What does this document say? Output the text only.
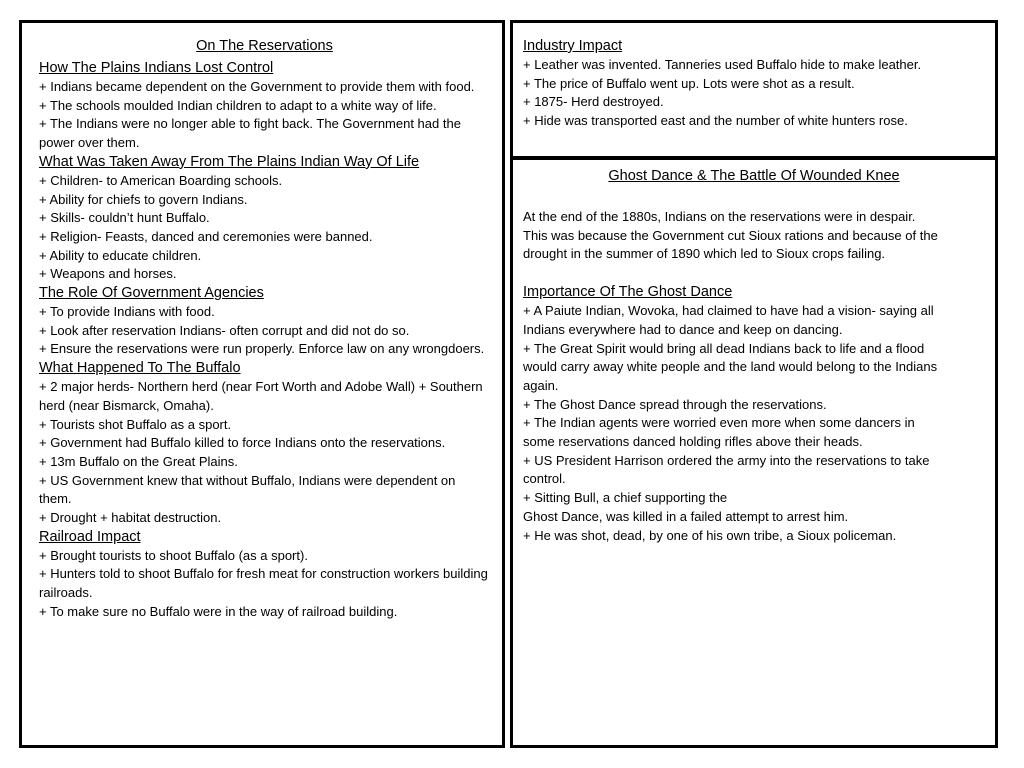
On The Reservations
How The Plains Indians Lost Control
+ Indians became dependent on the Government to provide them with food.
+ The schools moulded Indian children to adapt to a white way of life.
+ The Indians were no longer able to fight back. The Government had the power over them.
What Was Taken Away From The Plains Indian Way Of Life
+ Children- to American Boarding schools.
+ Ability for chiefs to govern Indians.
+ Skills- couldn’t hunt Buffalo.
+ Religion- Feasts, danced and ceremonies were banned.
+ Ability to educate children.
+ Weapons and horses.
The Role Of Government Agencies
+ To provide Indians with food.
+ Look after reservation Indians- often corrupt and did not do so.
+ Ensure the reservations were run properly. Enforce law on any wrongdoers.
What Happened To The Buffalo
+ 2 major herds- Northern herd (near Fort Worth and Adobe Wall) + Southern herd (near Bismarck, Omaha).
+ Tourists shot Buffalo as a sport.
+ Government had Buffalo killed to force Indians onto the reservations.
+ 13m Buffalo on the Great Plains.
+ US Government knew that without Buffalo, Indians were dependent on them.
+ Drought + habitat destruction.
Railroad Impact
+ Brought tourists to shoot Buffalo (as a sport).
+ Hunters told to shoot Buffalo for fresh meat for construction workers building railroads.
+ To make sure no Buffalo were in the way of railroad building.
Industry Impact
+ Leather was invented. Tanneries used Buffalo hide to make leather.
+ The price of Buffalo went up. Lots were shot as a result.
+ 1875- Herd destroyed.
+ Hide was transported east and the number of white hunters rose.
Ghost Dance & The Battle Of Wounded Knee
At the end of the 1880s, Indians on the reservations were in despair.
This was because the Government cut Sioux rations and because of the
drought in the summer of 1890 which led to Sioux crops failing.
Importance Of The Ghost Dance
+ A Paiute Indian, Wovoka, had claimed to have had a vision- saying all
Indians everywhere had to dance and keep on dancing.
+ The Great Spirit would bring all dead Indians back to life and a flood
would carry away white people and the land would belong to the Indians
again.
+ The Ghost Dance spread through the reservations.
+ The Indian agents were worried even more when some dancers in
some reservations danced holding rifles above their heads.
+ US President Harrison ordered the army into the reservations to take
control.
+ Sitting Bull, a chief supporting the
Ghost Dance, was killed in a failed attempt to arrest him.
+ He was shot, dead, by one of his own tribe, a Sioux policeman.
